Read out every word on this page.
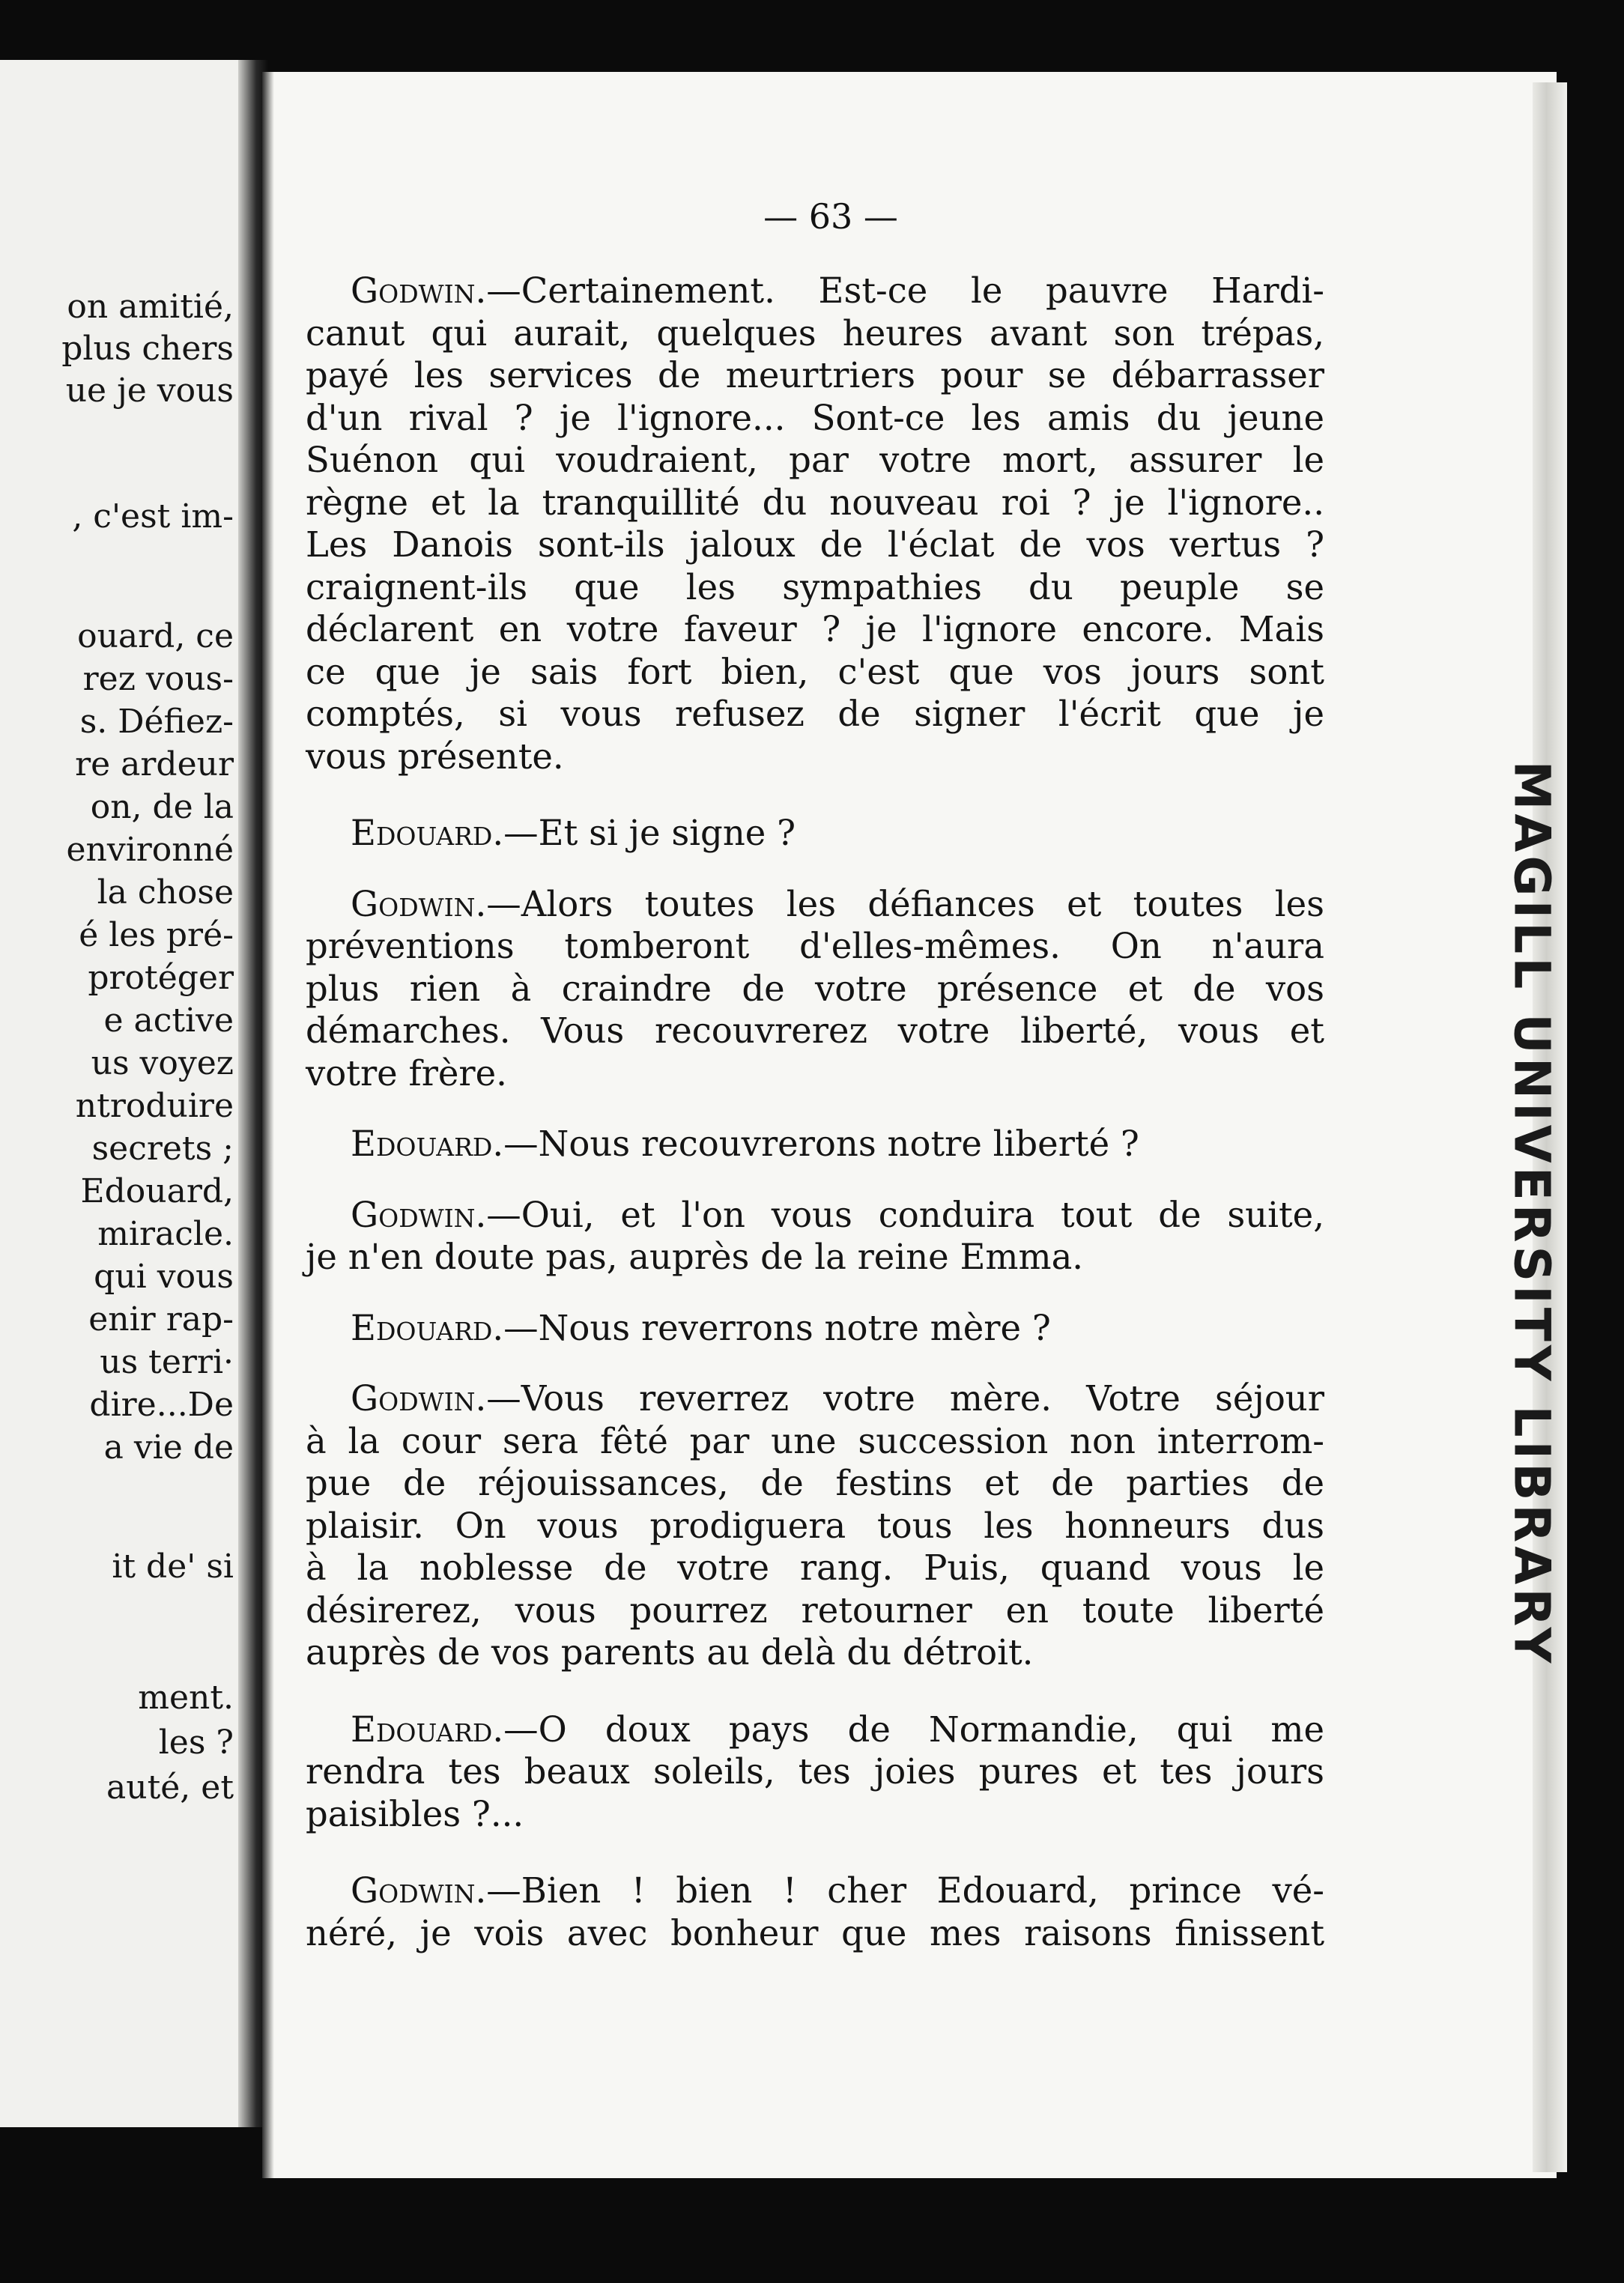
on amitié,
plus chers
ue je vous
, c'est im-
ouard, ce
rez vous-
s. Défiez-
re ardeur
on, de la
environné
la chose
é les pré-
protéger
e active
us voyez
ntroduire
secrets ;
Edouard,
miracle.
qui vous
enir rap-
us terri·
dire...De
a vie de
it de' si
ment.
les ?
auté, et
MAGILL UNIVERSITY LIBRARY
— 63 —
Godwin.—Certainement. Est-ce le pauvre Hardi-
canut qui aurait, quelques heures avant son trépas,
payé les services de meurtriers pour se débarrasser
d'un rival ? je l'ignore... Sont-ce les amis du jeune
Suénon qui voudraient, par votre mort, assurer le
règne et la tranquillité du nouveau roi ? je l'ignore..
Les Danois sont-ils jaloux de l'éclat de vos vertus ?
craignent-ils que les sympathies du peuple se
déclarent en votre faveur ? je l'ignore encore. Mais
ce que je sais fort bien, c'est que vos jours sont
comptés, si vous refusez de signer l'écrit que je
vous présente.
Edouard.—Et si je signe ?
Godwin.—Alors toutes les défiances et toutes les
préventions tomberont d'elles-mêmes. On n'aura
plus rien à craindre de votre présence et de vos
démarches. Vous recouvrerez votre liberté, vous et
votre frère.
Edouard.—Nous recouvrerons notre liberté ?
Godwin.—Oui, et l'on vous conduira tout de suite,
je n'en doute pas, auprès de la reine Emma.
Edouard.—Nous reverrons notre mère ?
Godwin.—Vous reverrez votre mère. Votre séjour
à la cour sera fêté par une succession non interrom-
pue de réjouissances, de festins et de parties de
plaisir. On vous prodiguera tous les honneurs dus
à la noblesse de votre rang. Puis, quand vous le
désirerez, vous pourrez retourner en toute liberté
auprès de vos parents au delà du détroit.
Edouard.—O doux pays de Normandie, qui me
rendra tes beaux soleils, tes joies pures et tes jours
paisibles ?...
Godwin.—Bien ! bien ! cher Edouard, prince vé-
néré, je vois avec bonheur que mes raisons finissent
